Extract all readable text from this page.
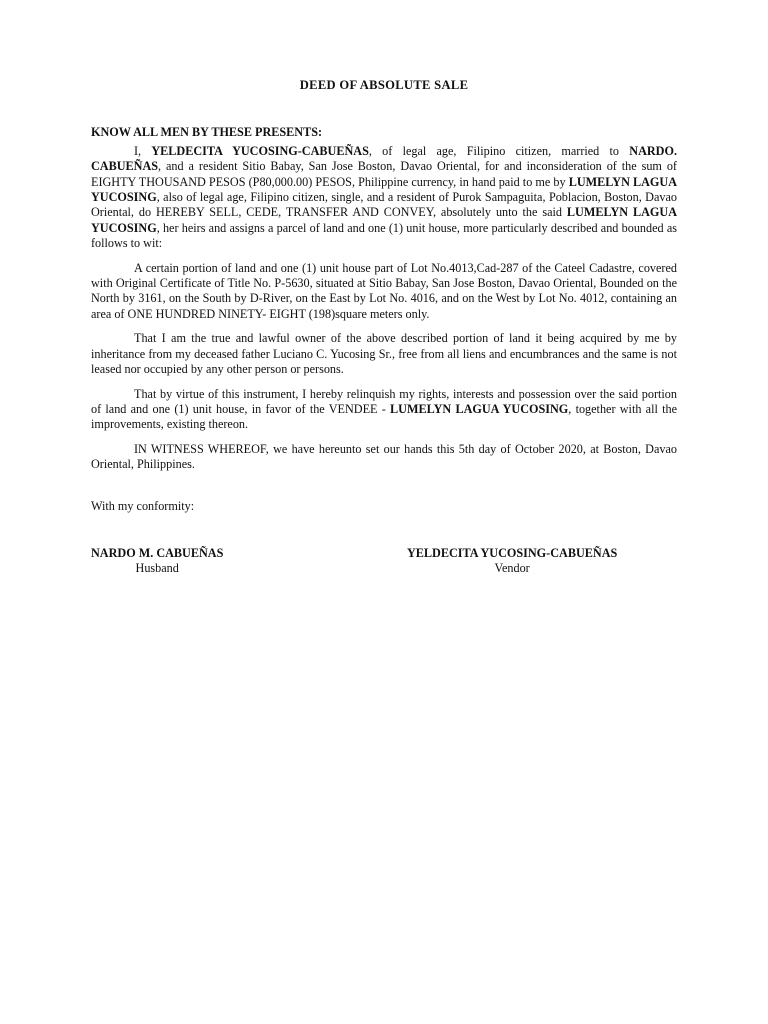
DEED OF ABSOLUTE SALE
KNOW ALL MEN BY THESE PRESENTS:

I, YELDECITA YUCOSING-CABUEÑAS, of legal age, Filipino citizen, married to NARDO. CABUEÑAS, and a resident Sitio Babay, San Jose Boston, Davao Oriental, for and inconsideration of the sum of EIGHTY THOUSAND PESOS (P80,000.00) PESOS, Philippine currency, in hand paid to me by LUMELYN LAGUA YUCOSING, also of legal age, Filipino citizen, single, and a resident of Purok Sampaguita, Poblacion, Boston, Davao Oriental, do HEREBY SELL, CEDE, TRANSFER AND CONVEY, absolutely unto the said LUMELYN LAGUA YUCOSING, her heirs and assigns a parcel of land and one (1) unit house, more particularly described and bounded as follows to wit:

A certain portion of land and one (1) unit house part of Lot No.4013,Cad-287 of the Cateel Cadastre, covered with Original Certificate of Title No. P-5630, situated at Sitio Babay, San Jose Boston, Davao Oriental, Bounded on the North by 3161, on the South by D-River, on the East by Lot No. 4016, and on the West by Lot No. 4012, containing an area of ONE HUNDRED NINETY- EIGHT (198)square meters only.

That I am the true and lawful owner of the above described portion of land it being acquired by me by inheritance from my deceased father Luciano C. Yucosing Sr., free from all liens and encumbrances and the same is not leased nor occupied by any other person or persons.

That by virtue of this instrument, I hereby relinquish my rights, interests and possession over the said portion of land and one (1) unit house, in favor of the VENDEE - LUMELYN LAGUA YUCOSING, together with all the improvements, existing thereon.

IN WITNESS WHEREOF, we have hereunto set our hands this 5th day of October 2020, at Boston, Davao Oriental, Philippines.

With my conformity:
NARDO M. CABUEÑAS
Husband
YELDECITA YUCOSING-CABUEÑAS
Vendor
